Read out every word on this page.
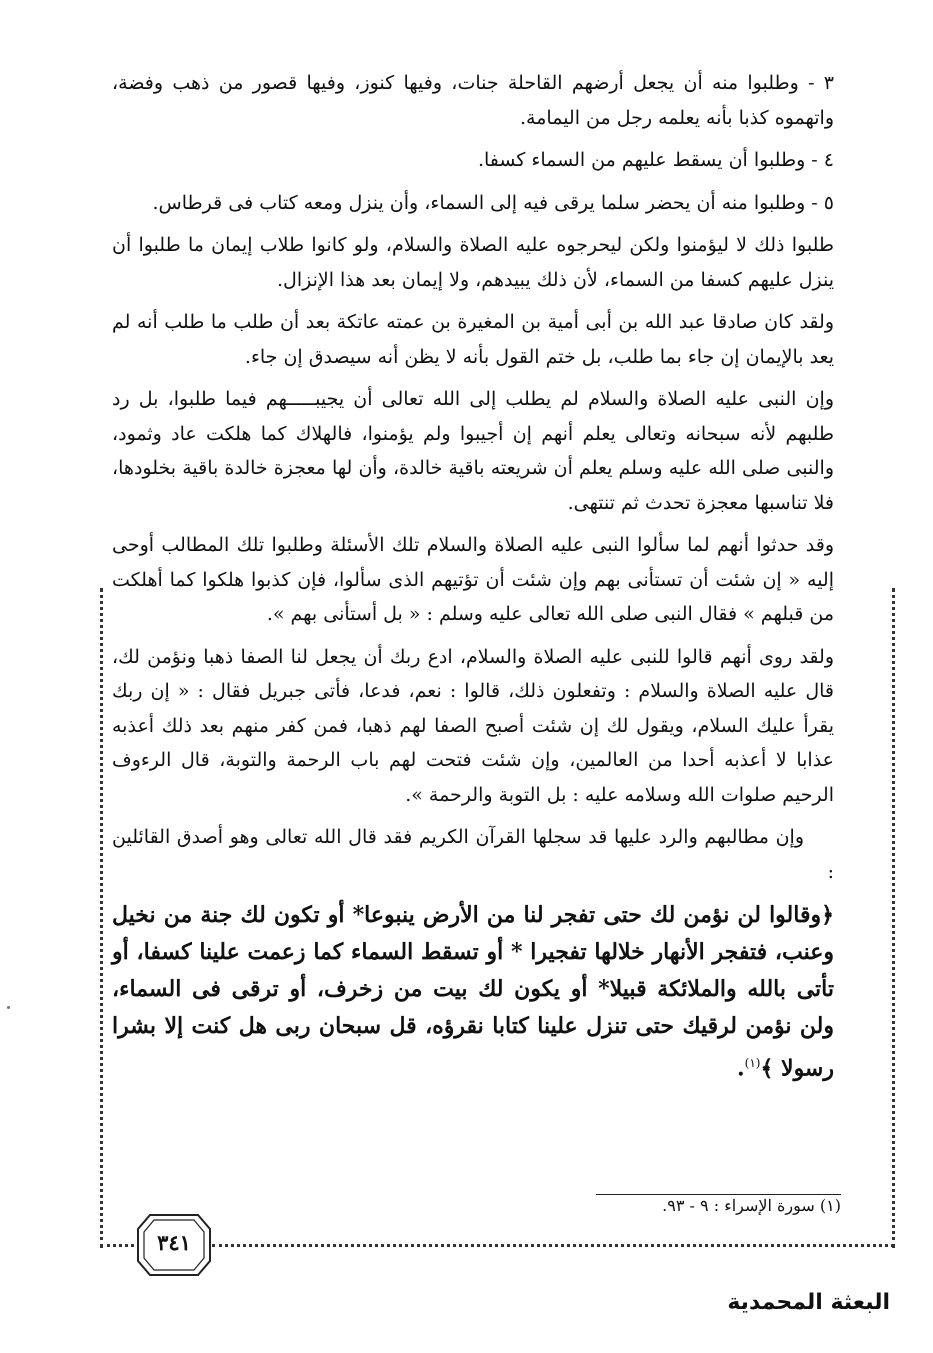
٣ - وطلبوا منه أن يجعل أرضهم القاحلة جنات، وفيها كنوز، وفيها قصور من ذهب وفضة، واتهموه كذبا بأنه يعلمه رجل من اليمامة.

٤ - وطلبوا أن يسقط عليهم من السماء كسفا.

٥ - وطلبوا منه أن يحضر سلما يرقى فيه إلى السماء، وأن ينزل ومعه كتاب فى قرطاس.

طلبوا ذلك لا ليؤمنوا ولكن ليحرجوه عليه الصلاة والسلام، ولو كانوا طلاب إيمان ما طلبوا أن ينزل عليهم كسفا من السماء، لأن ذلك يبيدهم، ولا إيمان بعد هذا الإنزال.

ولقد كان صادقا عبد الله بن أبى أمية بن المغيرة بن عمته عاتكة بعد أن طلب ما طلب أنه لم يعد بالإيمان إن جاء بما طلب، بل ختم القول بأنه لا يظن أنه سيصدق إن جاء.

وإن النبى عليه الصلاة والسلام لم يطلب إلى الله تعالى أن يجيبـــــهم فيما طلبوا، بل رد طلبهم لأنه سبحانه وتعالى يعلم أنهم إن أجيبوا ولم يؤمنوا، فالهلاك كما هلكت عاد وثمود، والنبى صلى الله عليه وسلم يعلم أن شريعته باقية خالدة، وأن لها معجزة خالدة باقية بخلودها، فلا تناسبها معجزة تحدث ثم تنتهى.

وقد حدثوا أنهم لما سألوا النبى عليه الصلاة والسلام تلك الأسئلة وطلبوا تلك المطالب أوحى إليه « إن شئت أن تستأنى بهم وإن شئت أن تؤتيهم الذى سألوا، فإن كذبوا هلكوا كما أهلكت من قبلهم » فقال النبى صلى الله تعالى عليه وسلم : « بل أستأنى بهم ».

ولقد روى أنهم قالوا للنبى عليه الصلاة والسلام، ادع ربك أن يجعل لنا الصفا ذهبا ونؤمن لك، قال عليه الصلاة والسلام : وتفعلون ذلك، قالوا : نعم، فدعا، فأتى جبريل فقال : « إن ربك يقرأ عليك السلام، ويقول لك إن شئت أصبح الصفا لهم ذهبا، فمن كفر منهم بعد ذلك أعذبه عذابا لا أعذبه أحدا من العالمين، وإن شئت فتحت لهم باب الرحمة والتوبة، قال الرءوف الرحيم صلوات الله وسلامه عليه : بل التوبة والرحمة ».

وإن مطالبهم والرد عليها قد سجلها القرآن الكريم فقد قال الله تعالى وهو أصدق القائلين :

﴿وقالوا لن نؤمن لك حتى تفجر لنا من الأرض ينبوعا* أو تكون لك جنة من نخيل وعنب، فتفجر الأنهار خلالها تفجيرا * أو تسقط السماء كما زعمت علينا كسفا، أو تأتى بالله والملائكة قبيلا* أو يكون لك بيت من زخرف، أو ترقى فى السماء، ولن نؤمن لرقيك حتى تنزل علينا كتابا نقرؤه، قل سبحان ربى هل كنت إلا بشرا رسولا ﴾$^{(١)}$.

(١) سورة الإسراء : ٩ - ٩٣.
٣٤١
البعثة المحمدية
